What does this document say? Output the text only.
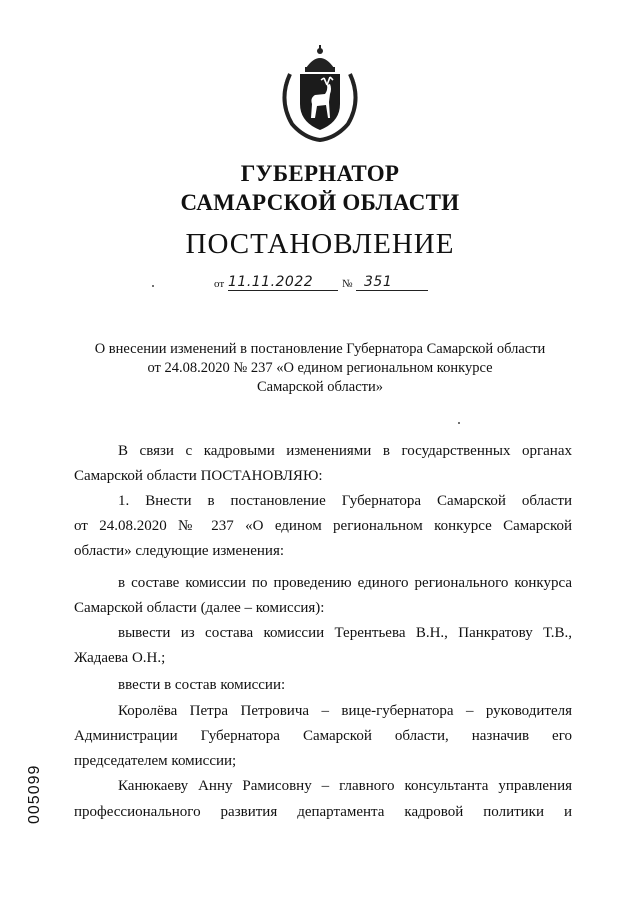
ГУБЕРНАТОР
САМАРСКОЙ ОБЛАСТИ
ПОСТАНОВЛЕНИЕ
от 11.11.2022	№ 351
О внесении изменений в постановление Губернатора Самарской области
от 24.08.2020 № 237 «О едином региональном конкурсе
Самарской области»
В связи с кадровыми изменениями в государственных органах
Самарской области ПОСТАНОВЛЯЮ:
1. Внести в постановление Губернатора Самарской области
от 24.08.2020 № 237 «О едином региональном конкурсе Самарской
области» следующие изменения:
в составе комиссии по проведению единого регионального конкурса
Самарской области (далее – комиссия):
вывести из состава комиссии Терентьева В.Н., Панкратову Т.В.,
Жадаева О.Н.;
ввести в состав комиссии:
Королёва Петра Петровича – вице-губернатора – руководителя
Администрации Губернатора Самарской области, назначив его
председателем комиссии;
Канюкаеву Анну Рамисовну – главного консультанта управления
профессионального развития департамента кадровой политики и
005099
